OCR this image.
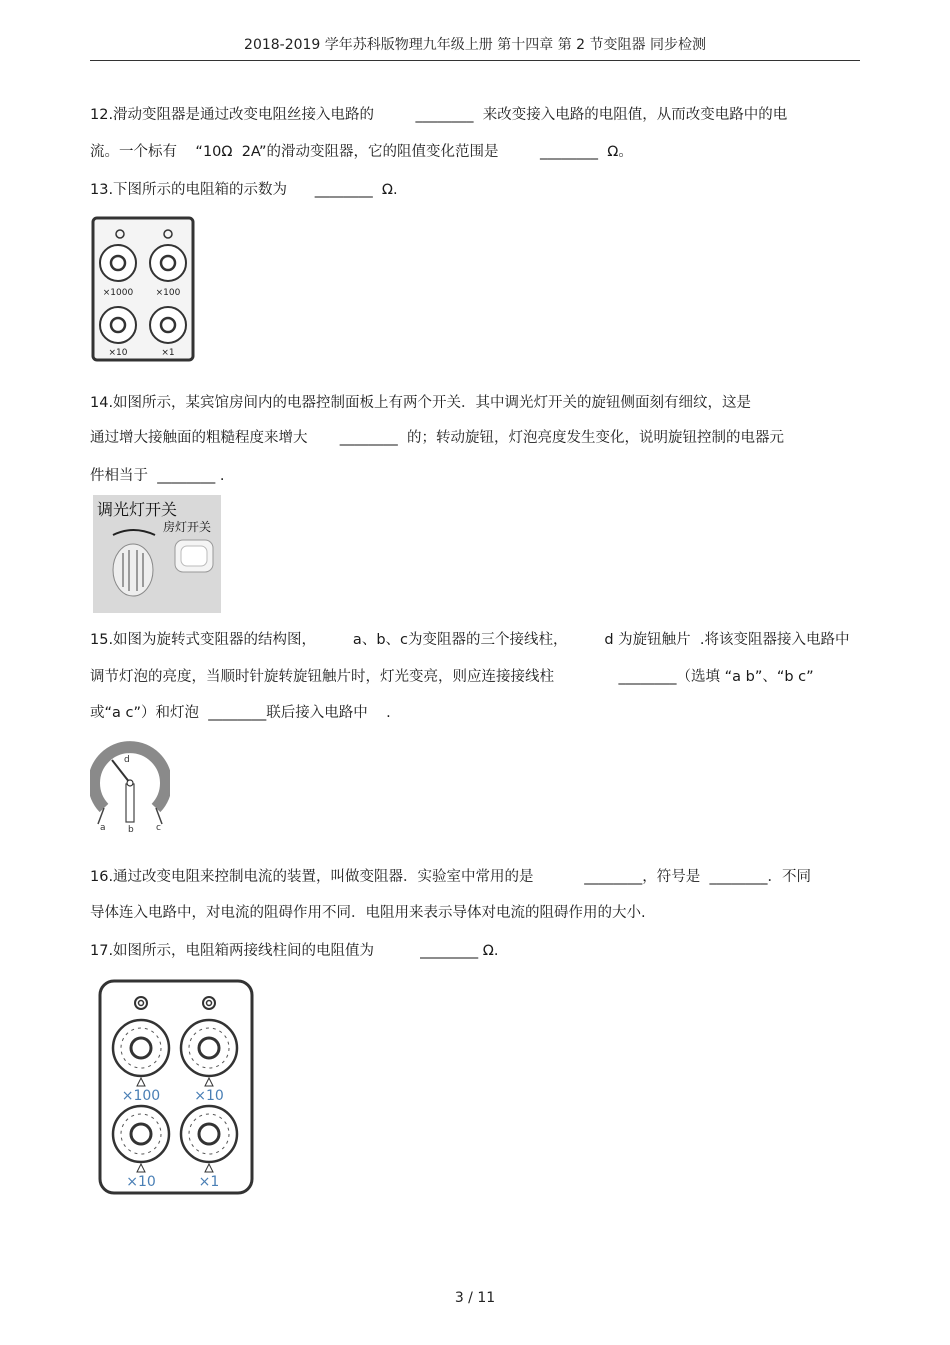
2018-2019 学年苏科版物理九年级上册 第十四章 第 2 节变阻器 同步检测
12.滑动变阻器是通过改变电阻丝接入电路的         ________  来改变接入电路的电阻值，从而改变电路中的电
流。一个标有    “10Ω  2A”的滑动变阻器，它的阻值变化范围是         ________  Ω。
13.下图所示的电阻箱的示数为      ________  Ω.
×1000 ×100
×10	×1
14.如图所示，某宾馆房间内的电器控制面板上有两个开关．其中调光灯开关的旋钮侧面刻有细纹，这是
通过增大接触面的粗糙程度来增大       ________  的；转动旋钮，灯泡亮度发生变化，说明旋钮控制的电器元
件相当于  ________ .
调光灯开关
房灯开关
15.如图为旋转式变阻器的结构图，        a、b、c为变阻器的三个接线柱，        d 为旋钮触片  .将该变阻器接入电路中
调节灯泡的亮度，当顺时针旋转旋钮触片时，灯光变亮，则应连接接线柱              ________（选填 “a b”、“b c”
或“a c”）和灯泡  ________联后接入电路中    .
a b c
d
16.通过改变电阻来控制电流的装置，叫做变阻器．实验室中常用的是           ________，符号是  ________．不同
导体连入电路中，对电流的阻碍作用不同．电阻用来表示导体对电流的阻碍作用的大小.
17.如图所示，电阻箱两接线柱间的电阻值为          ________ Ω.
×100 ×10
×10	×1
3 / 11
